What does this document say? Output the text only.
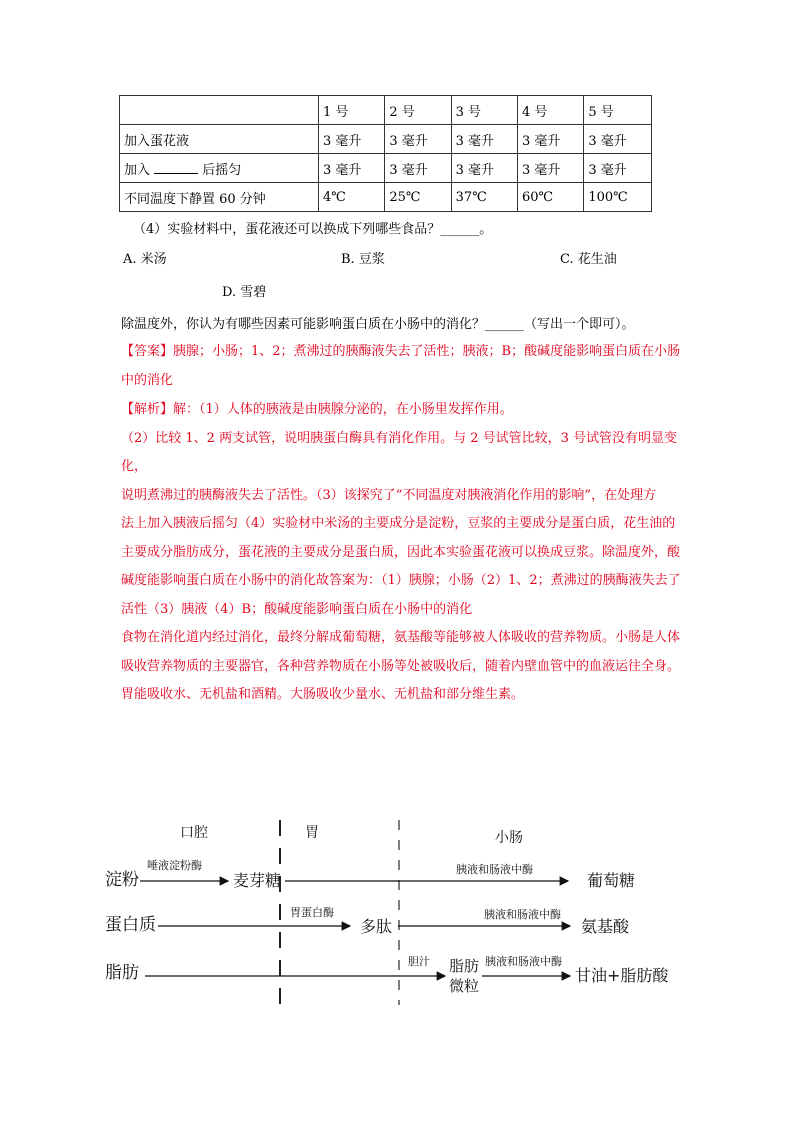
	1 号	2 号	3 号	4 号	5 号
加入蛋花液	3 毫升	3 毫升	3 毫升	3 毫升	3 毫升
加入 后摇匀	3 毫升	3 毫升	3 毫升	3 毫升	3 毫升
不同温度下静置 60 分钟	4℃	25℃	37℃	60℃	100℃
（4）实验材料中，蛋花液还可以换成下列哪些食品？______。
A. 米汤	B. 豆浆	C. 花生油
D. 雪碧
除温度外，你认为有哪些因素可能影响蛋白质在小肠中的消化？______（写出一个即可）。
【答案】胰腺；小肠；1、2；煮沸过的胰酶液失去了活性；胰液；B；酸碱度能影响蛋白质在小肠
中的消化
【解析】解：（1）人体的胰液是由胰腺分泌的，在小肠里发挥作用。
（2）比较 1、2 两支试管，说明胰蛋白酶具有消化作用。与 2 号试管比较，3 号试管没有明显变化，
说明煮沸过的胰酶液失去了活性。（3）该探究了“不同温度对胰液消化作用的影响”，在处理方
法上加入胰液后摇匀（4）实验材中米汤的主要成分是淀粉，豆浆的主要成分是蛋白质，花生油的
主要成分脂肪成分，蛋花液的主要成分是蛋白质，因此本实验蛋花液可以换成豆浆。除温度外，酸
碱度能影响蛋白质在小肠中的消化故答案为：（1）胰腺；小肠（2）1、2；煮沸过的胰酶液失去了
活性（3）胰液（4）B；酸碱度能影响蛋白质在小肠中的消化
食物在消化道内经过消化，最终分解成葡萄糖，氨基酸等能够被人体吸收的营养物质。小肠是人体
吸收营养物质的主要器官，各种营养物质在小肠等处被吸收后，随着内壁血管中的血液运往全身。
胃能吸收水、无机盐和酒精。大肠吸收少量水、无机盐和部分维生素。
口腔	胃	小肠
淀粉
唾液淀粉酶
麦芽糖
胰液和肠液中酶
葡萄糖
蛋白质
胃蛋白酶
多肽
胰液和肠液中酶
氨基酸
脂肪
胆汁 脂肪
微粒
胰液和肠液中酶
甘油+脂肪酸
